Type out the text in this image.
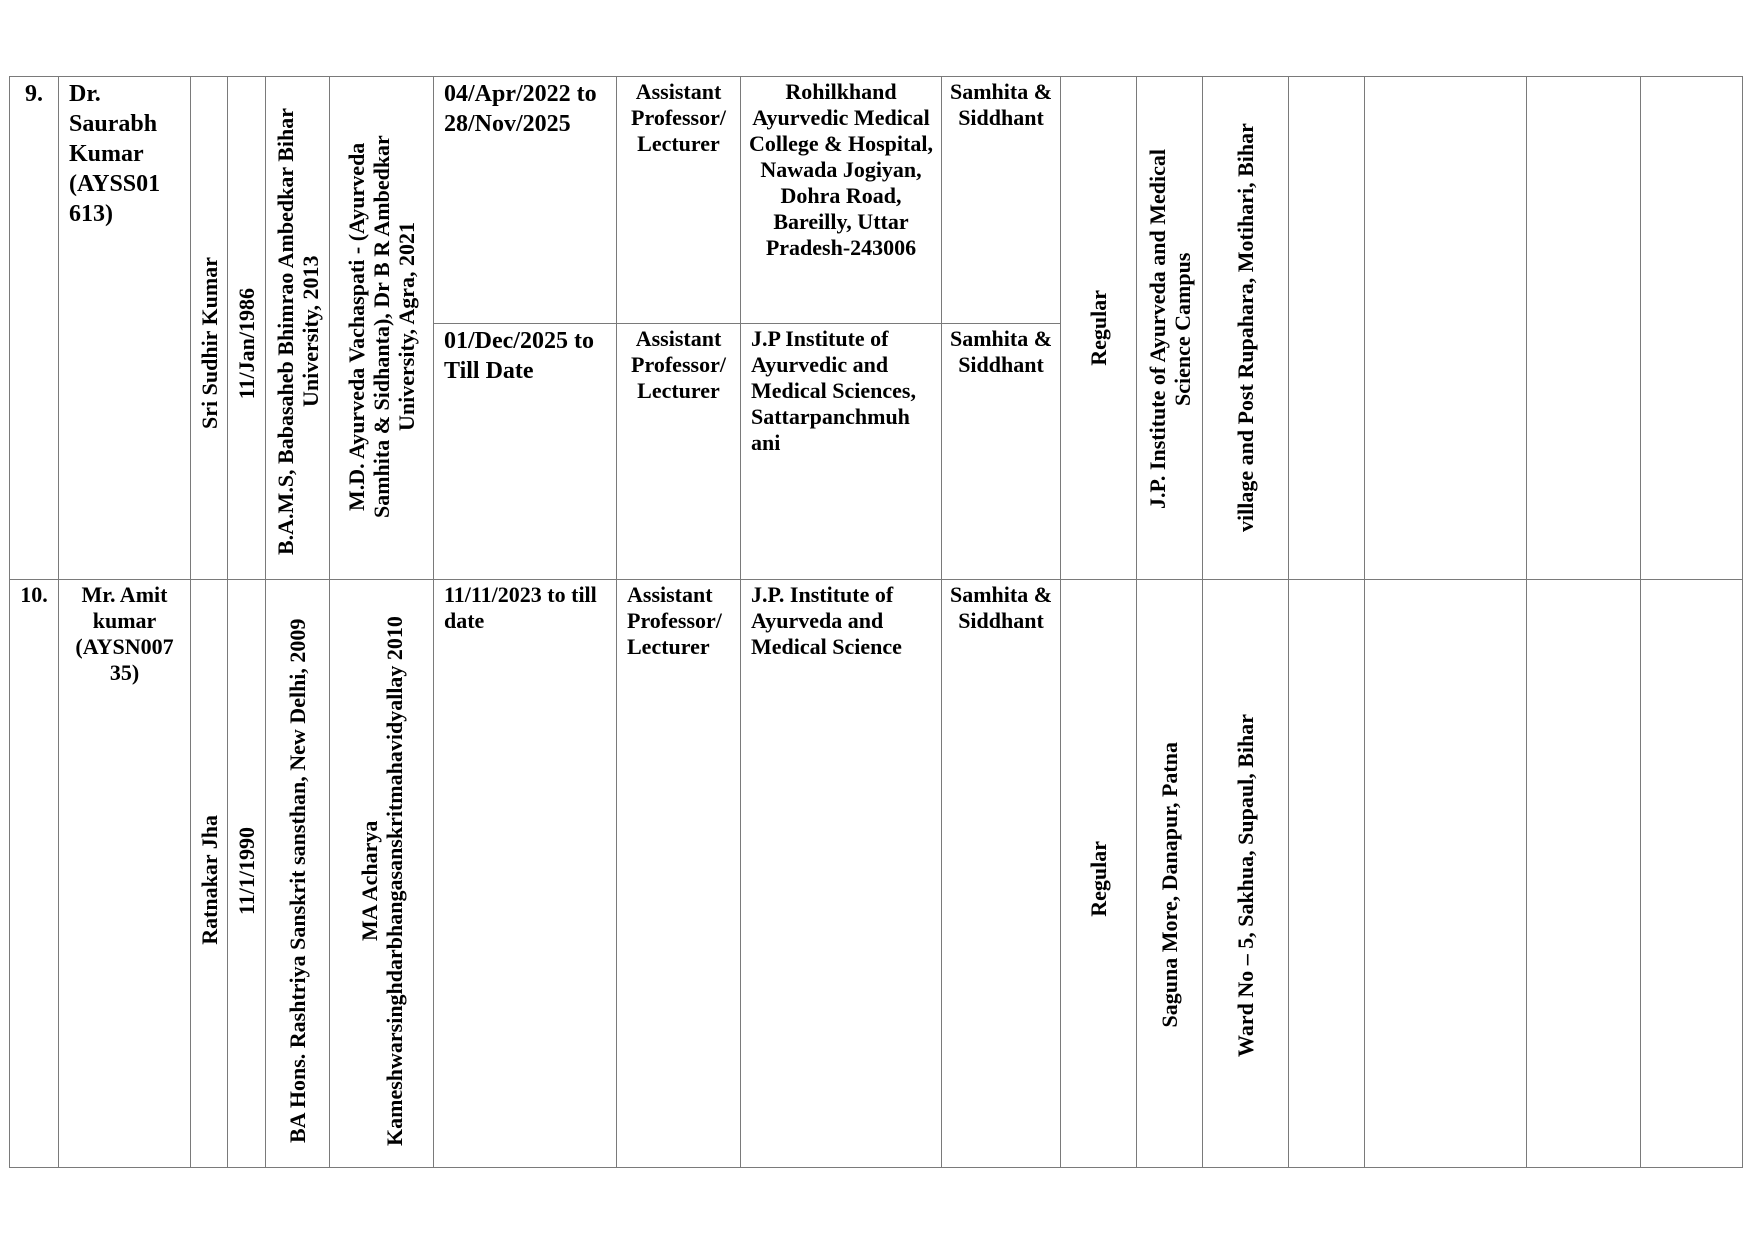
9.	Dr. Saurabh Kumar (AYSS01 613)	Sri Sudhir Kumar	11/Jan/1986	B.A.M.S, Babasaheb Bhimrao Ambedkar Bihar University, 2013	M.D. Ayurveda Vachaspati - (Ayurveda Samhita & Sidhanta), Dr B R Ambedkar University, Agra, 2021	04/Apr/2022 to 28/Nov/2025	Assistant Professor/ Lecturer	Rohilkhand Ayurvedic Medical College & Hospital, Nawada Jogiyan, Dohra Road, Bareilly, Uttar Pradesh-243006	Samhita & Siddhant	Regular	J.P. Institute of Ayurveda and Medical Science Campus	village and Post Rupahara, Motihari, Bihar				

						01/Dec/2025 to Till Date	Assistant Professor/ Lecturer	J.P Institute of Ayurvedic and Medical Sciences, Sattarpanchmuh ani	Samhita & Siddhant							
10.	Mr. Amit kumar (AYSN007 35)	Ratnakar Jha	11/1/1990	BA Hons. Rashtriya Sanskrit sansthan, New Delhi, 2009	MA Acharya Kameshwarsinghdarbhangasanskritmahavidyallay 2010	11/11/2023 to till date	Assistant Professor/ Lecturer	J.P. Institute of Ayurveda and Medical Science	Samhita & Siddhant	Regular	Saguna More, Danapur, Patna	Ward No – 5, Sakhua, Supaul, Bihar				
